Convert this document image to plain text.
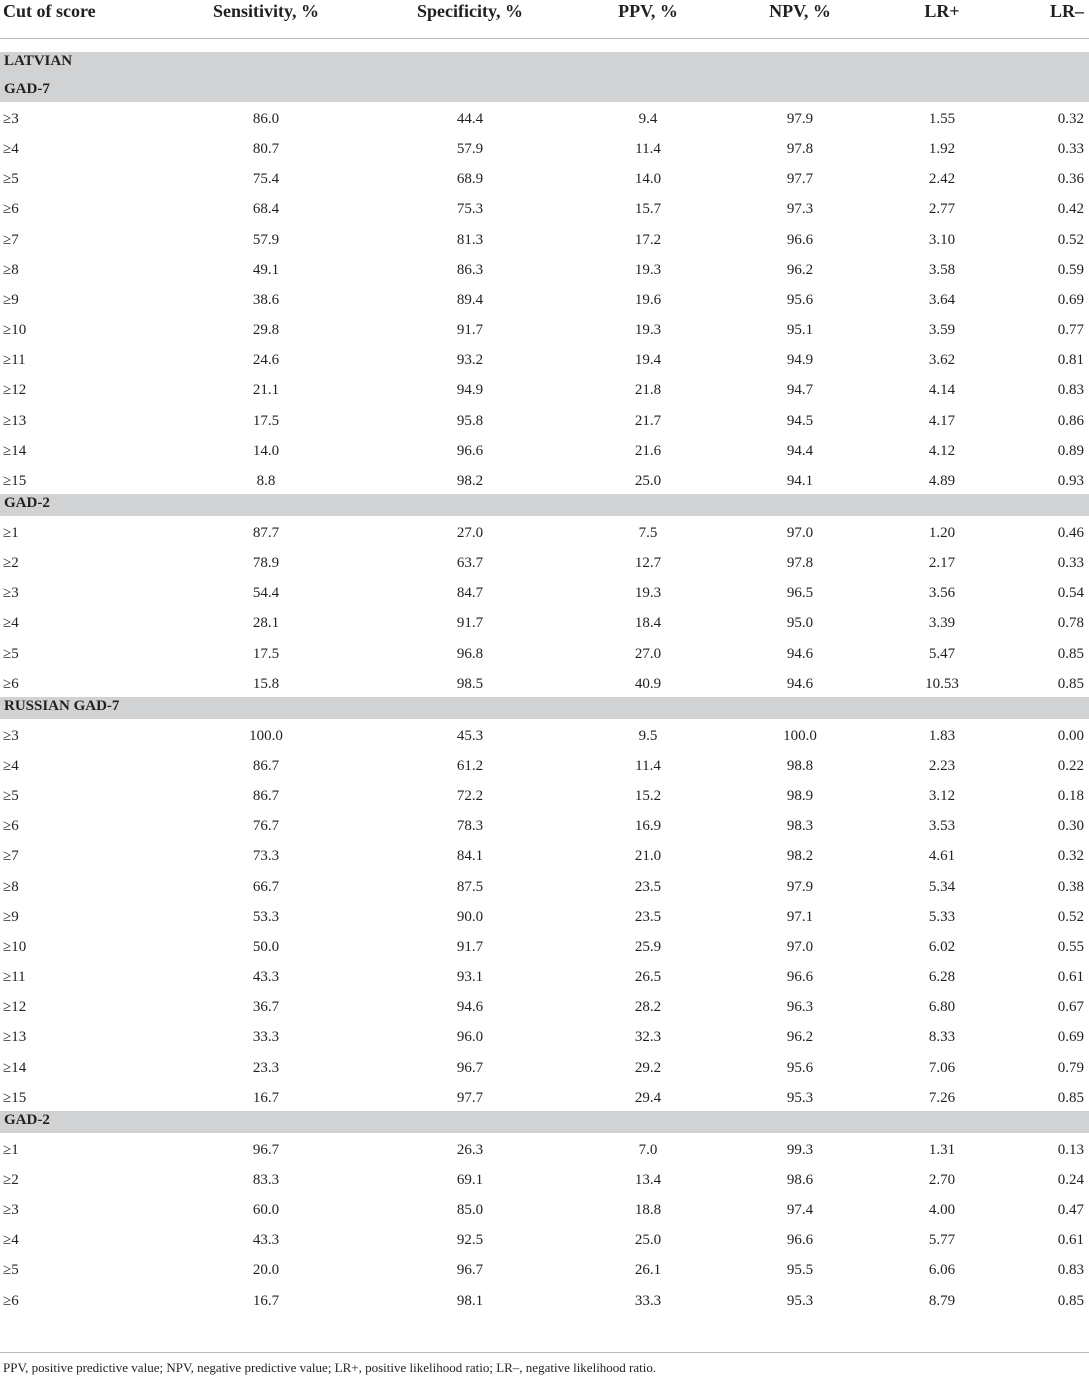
Cut of score	Sensitivity, %	Specificity, %	PPV, %	NPV, %	LR+	LR–
LATVIAN
GAD-7
≥3	86.0	44.4	9.4	97.9	1.55	0.32
≥4	80.7	57.9	11.4	97.8	1.92	0.33
≥5	75.4	68.9	14.0	97.7	2.42	0.36
≥6	68.4	75.3	15.7	97.3	2.77	0.42
≥7	57.9	81.3	17.2	96.6	3.10	0.52
≥8	49.1	86.3	19.3	96.2	3.58	0.59
≥9	38.6	89.4	19.6	95.6	3.64	0.69
≥10	29.8	91.7	19.3	95.1	3.59	0.77
≥11	24.6	93.2	19.4	94.9	3.62	0.81
≥12	21.1	94.9	21.8	94.7	4.14	0.83
≥13	17.5	95.8	21.7	94.5	4.17	0.86
≥14	14.0	96.6	21.6	94.4	4.12	0.89
≥15	8.8	98.2	25.0	94.1	4.89	0.93
GAD-2
≥1	87.7	27.0	7.5	97.0	1.20	0.46
≥2	78.9	63.7	12.7	97.8	2.17	0.33
≥3	54.4	84.7	19.3	96.5	3.56	0.54
≥4	28.1	91.7	18.4	95.0	3.39	0.78
≥5	17.5	96.8	27.0	94.6	5.47	0.85
≥6	15.8	98.5	40.9	94.6	10.53	0.85
RUSSIAN GAD-7
≥3	100.0	45.3	9.5	100.0	1.83	0.00
≥4	86.7	61.2	11.4	98.8	2.23	0.22
≥5	86.7	72.2	15.2	98.9	3.12	0.18
≥6	76.7	78.3	16.9	98.3	3.53	0.30
≥7	73.3	84.1	21.0	98.2	4.61	0.32
≥8	66.7	87.5	23.5	97.9	5.34	0.38
≥9	53.3	90.0	23.5	97.1	5.33	0.52
≥10	50.0	91.7	25.9	97.0	6.02	0.55
≥11	43.3	93.1	26.5	96.6	6.28	0.61
≥12	36.7	94.6	28.2	96.3	6.80	0.67
≥13	33.3	96.0	32.3	96.2	8.33	0.69
≥14	23.3	96.7	29.2	95.6	7.06	0.79
≥15	16.7	97.7	29.4	95.3	7.26	0.85
GAD-2
≥1	96.7	26.3	7.0	99.3	1.31	0.13
≥2	83.3	69.1	13.4	98.6	2.70	0.24
≥3	60.0	85.0	18.8	97.4	4.00	0.47
≥4	43.3	92.5	25.0	96.6	5.77	0.61
≥5	20.0	96.7	26.1	95.5	6.06	0.83
≥6	16.7	98.1	33.3	95.3	8.79	0.85
PPV, positive predictive value; NPV, negative predictive value; LR+, positive likelihood ratio; LR–, negative likelihood ratio.
